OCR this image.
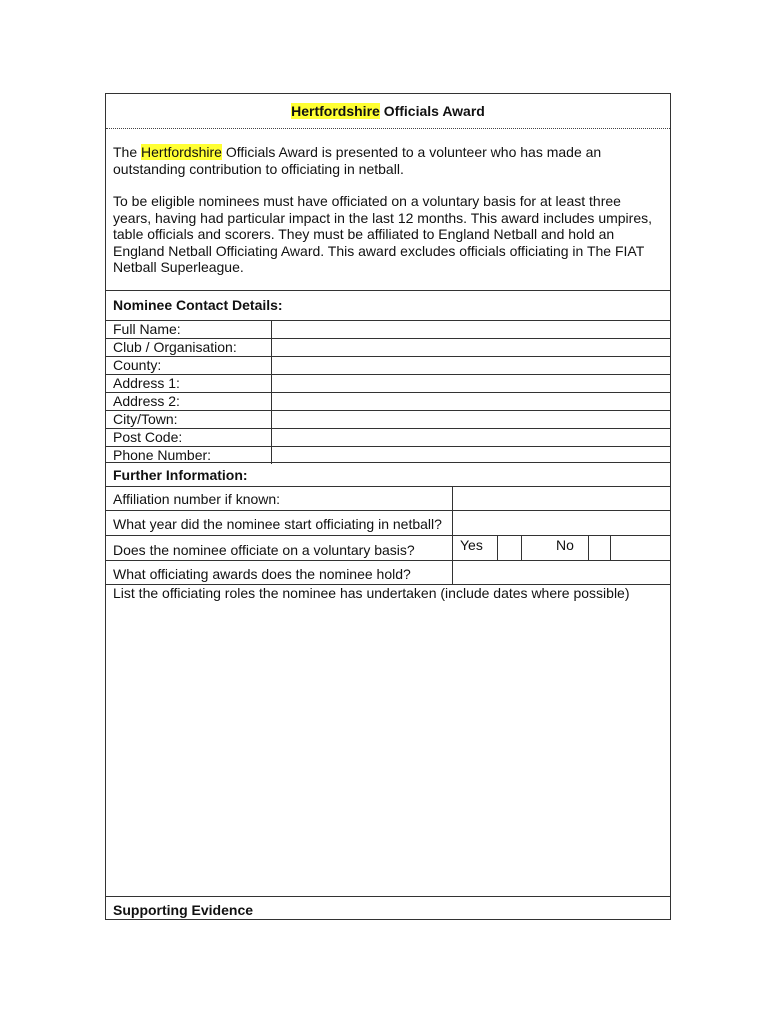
Hertfordshire Officials Award

The Hertfordshire Officials Award is presented to a volunteer who has made an outstanding contribution to officiating in netball.

To be eligible nominees must have officiated on a voluntary basis for at least three years, having had particular impact in the last 12 months. This award includes umpires, table officials and scorers. They must be affiliated to England Netball and hold an England Netball Officiating Award. This award excludes officials officiating in The FIAT Netball Superleague.

Nominee Contact Details:
Full Name:
Club / Organisation:
County:
Address 1:
Address 2:
City/Town:
Post Code:
Phone Number:
Further Information:
Affiliation number if known:
What year did the nominee start officiating in netball?
Does the nominee officiate on a voluntary basis?	Yes	No
What officiating awards does the nominee hold?
List the officiating roles the nominee has undertaken (include dates where possible)
Supporting Evidence
